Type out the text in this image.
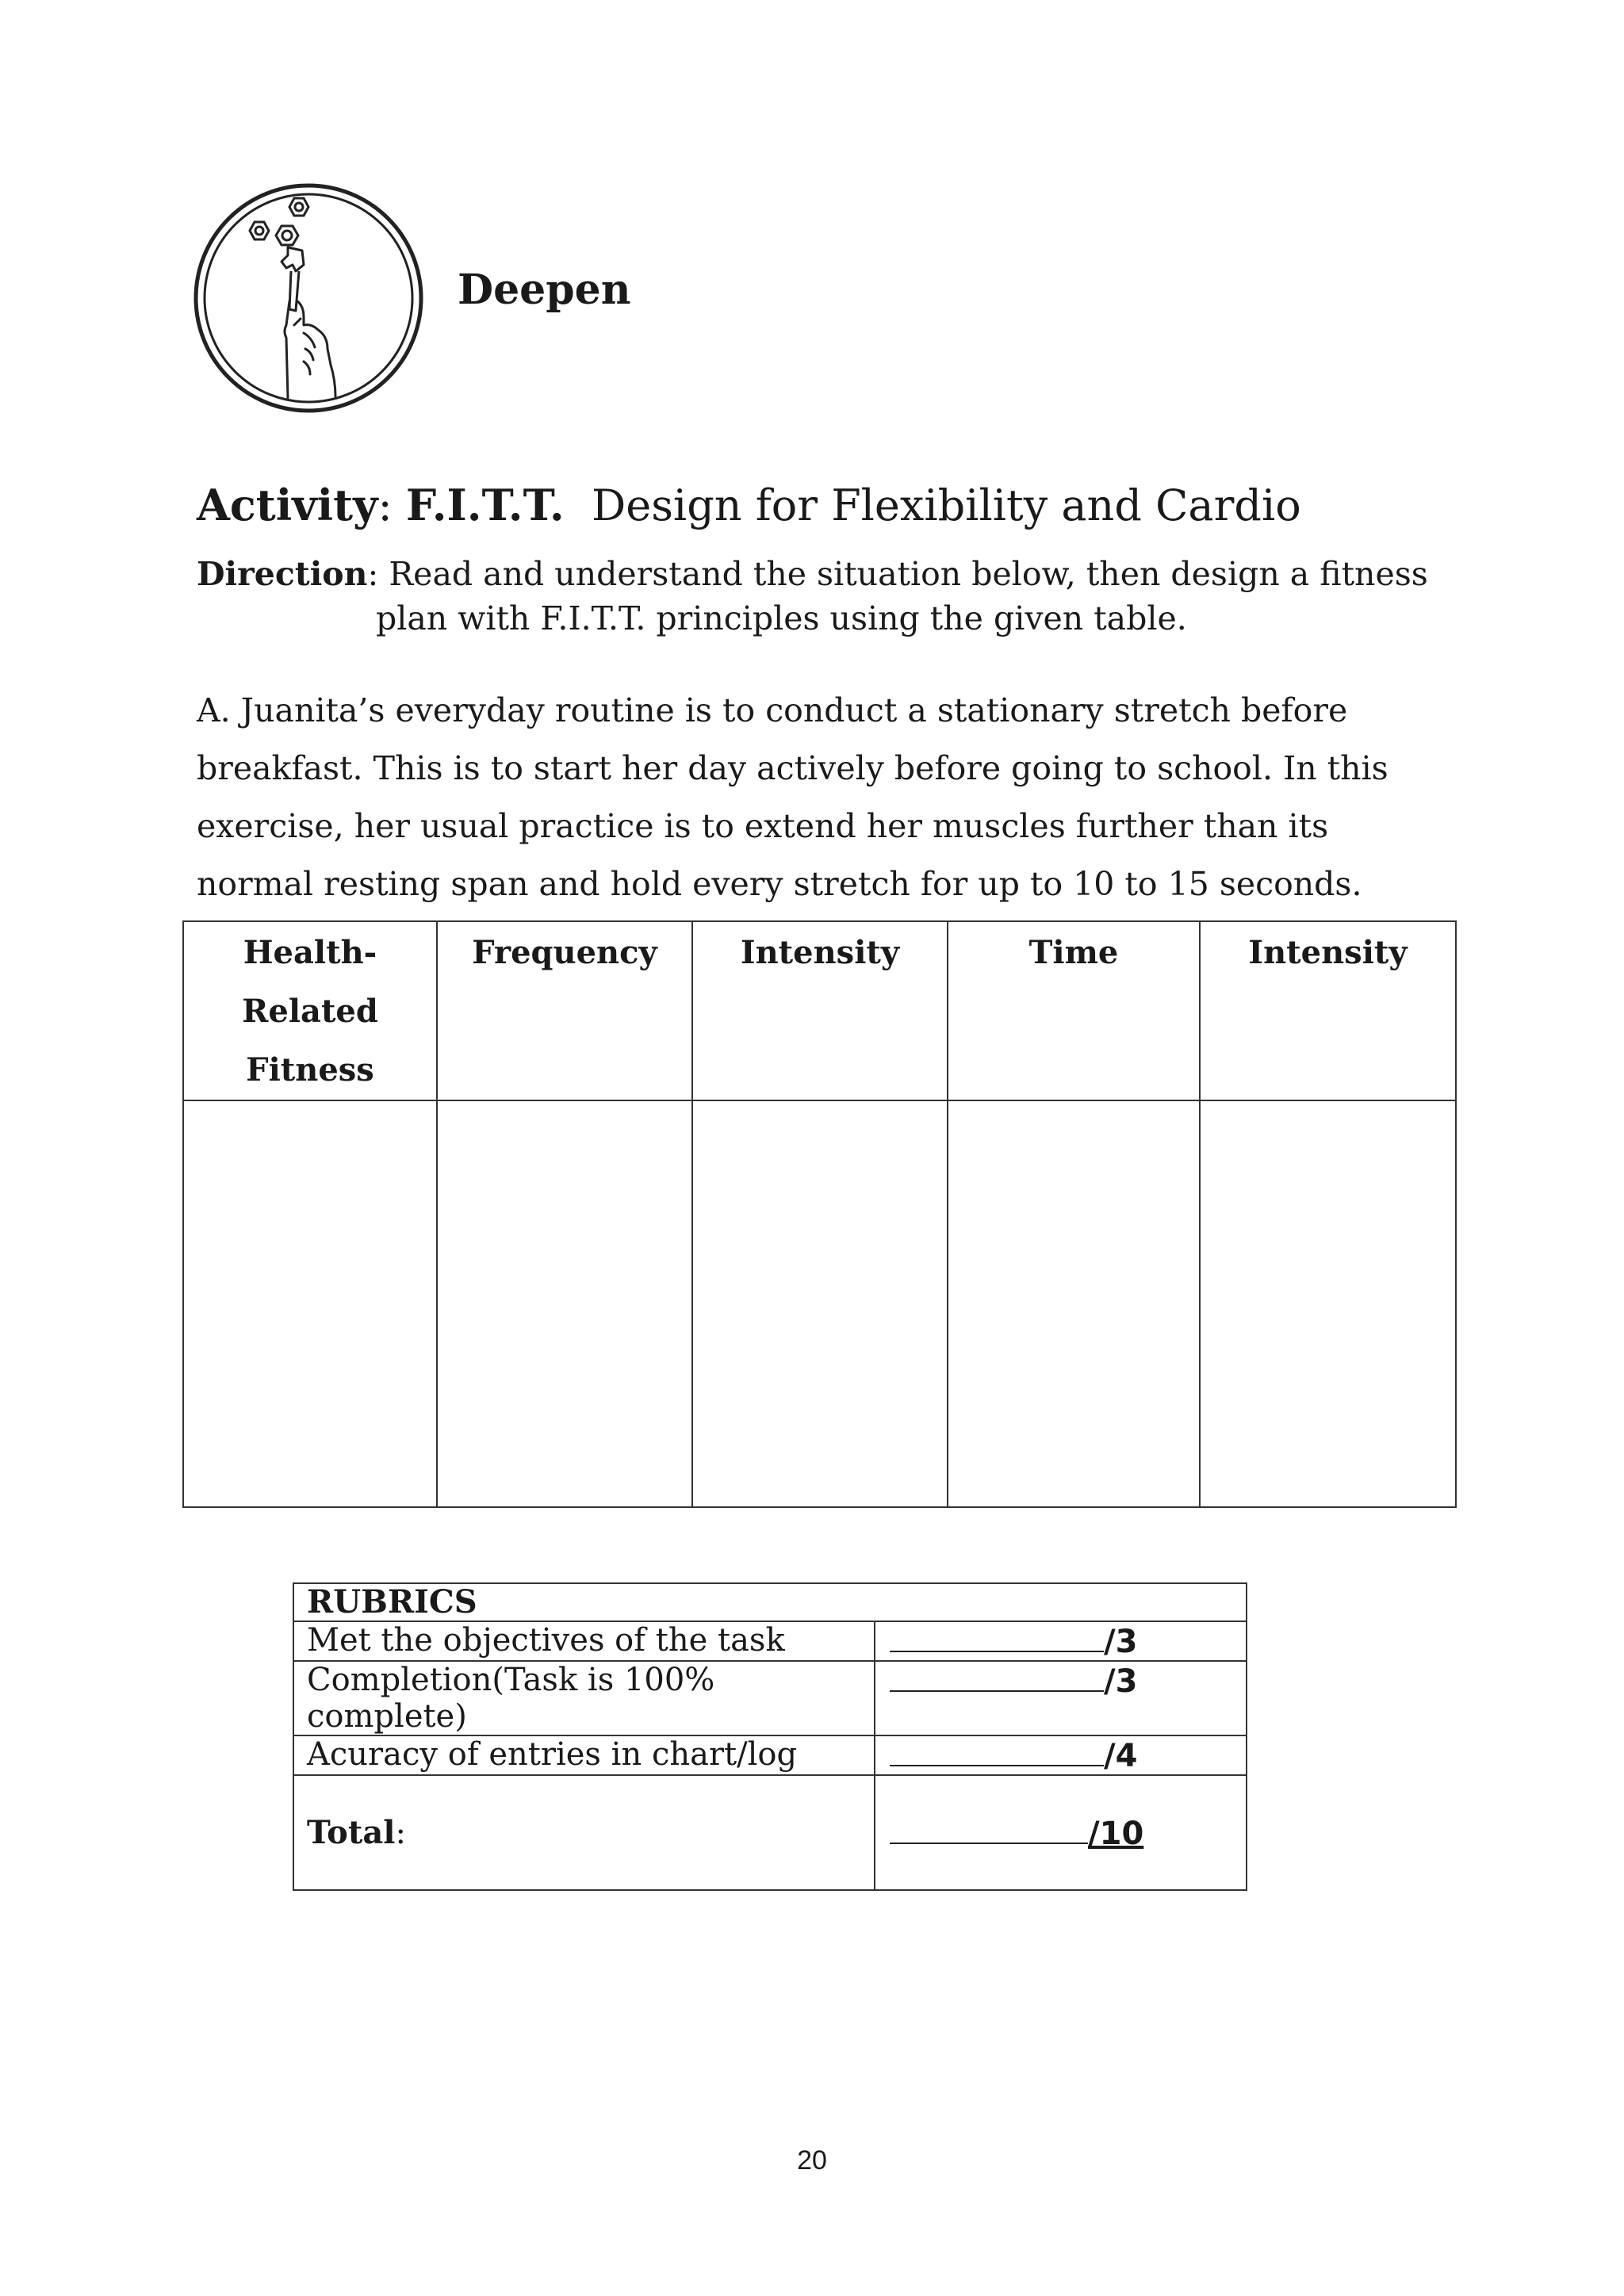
Deepen
Activity: F.I.T.T. Design for Flexibility and Cardio
Direction: Read and understand the situation below, then design a fitness
plan with F.I.T.T. principles using the given table.
A. Juanita’s everyday routine is to conduct a stationary stretch before breakfast. This is to start her day actively before going to school. In this exercise, her usual practice is to extend her muscles further than its normal resting span and hold every stretch for up to 10 to 15 seconds.
Health-
Related
Fitness	Frequency	Intensity	Time	Intensity

RUBRICS	
Met the objectives of the task	/3
Completion(Task is 100% complete)	/3
Acuracy of entries in chart/log	/4
Total:	/10
20
